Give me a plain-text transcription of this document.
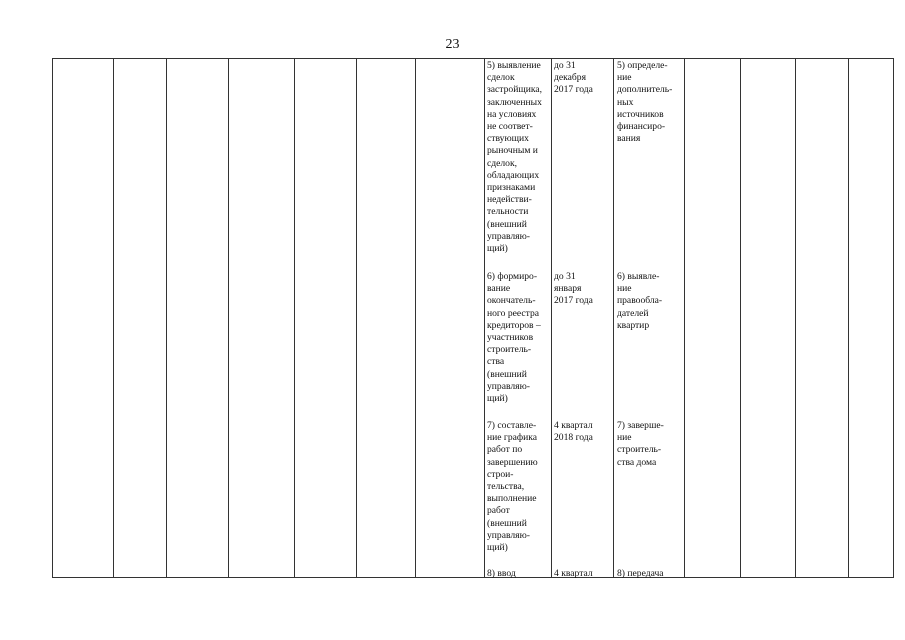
23
5) выявление
сделок
застройщика,
заключенных
на условиях
не соответ-
ствующих
рыночным и
сделок,
обладающих
признаками
недействи-
тельности
(внешний
управляю-
щий)
до 31
декабря
2017 года
5) определе-
ние
дополнитель-
ных
источников
финансиро-
вания
6) формиро-
вание
окончатель-
ного реестра
кредиторов –
участников
строитель-
ства
(внешний
управляю-
щий)
до 31
января
2017 года
6) выявле-
ние
правообла-
дателей
квартир
7) составле-
ние графика
работ по
завершению
строи-
тельства,
выполнение
работ
(внешний
управляю-
щий)
4 квартал
2018 года
7) заверше-
ние
строитель-
ства дома
8) ввод	4 квартал	8) передача
